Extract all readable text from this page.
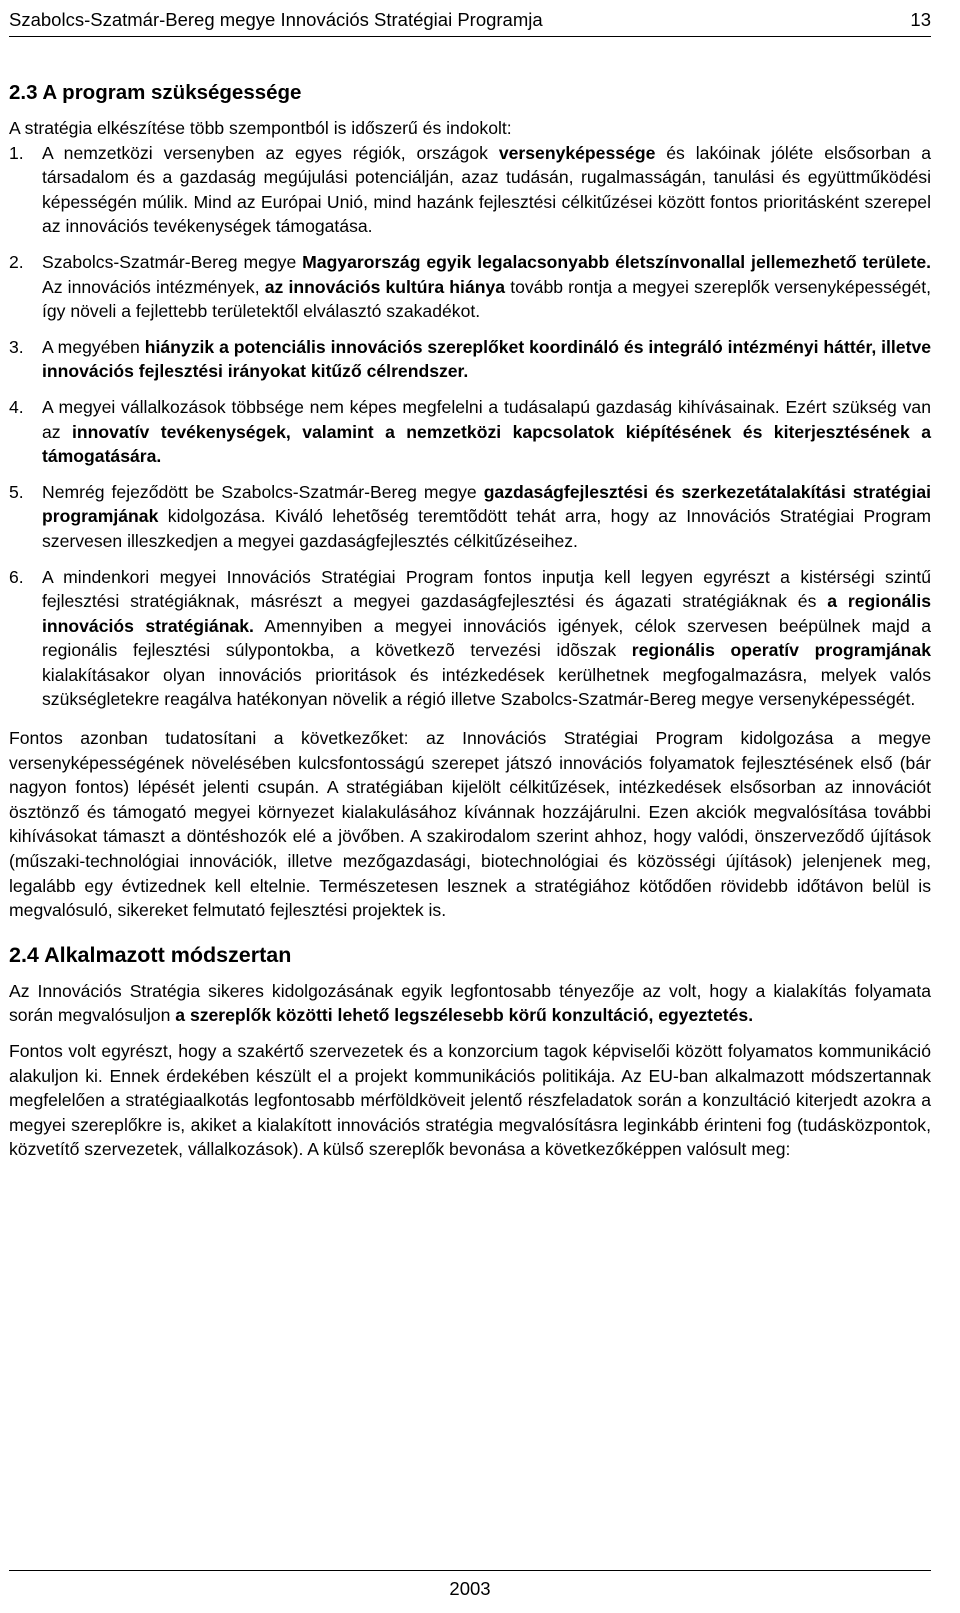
Szabolcs-Szatmár-Bereg megye Innovációs Stratégiai Programja	13
2.3 A program szükségessége

A stratégia elkészítése több szempontból is időszerű és indokolt:

1. A nemzetközi versenyben az egyes régiók, országok versenyképessége és lakóinak jóléte elsősorban a társadalom és a gazdaság megújulási potenciálján, azaz tudásán, rugalmasságán, tanulási és együttműködési képességén múlik. Mind az Európai Unió, mind hazánk fejlesztési célkitűzései között fontos prioritásként szerepel az innovációs tevékenységek támogatása.
2. Szabolcs-Szatmár-Bereg megye Magyarország egyik legalacsonyabb életszínvonallal jellemezhető területe. Az innovációs intézmények, az innovációs kultúra hiánya tovább rontja a megyei szereplők versenyképességét, így növeli a fejlettebb területektől elválasztó szakadékot.
3. A megyében hiányzik a potenciális innovációs szereplőket koordináló és integráló intézményi háttér, illetve innovációs fejlesztési irányokat kitűző célrendszer.
4. A megyei vállalkozások többsége nem képes megfelelni a tudásalapú gazdaság kihívásainak. Ezért szükség van az innovatív tevékenységek, valamint a nemzetközi kapcsolatok kiépítésének és kiterjesztésének a támogatására.
5. Nemrég fejeződött be Szabolcs-Szatmár-Bereg megye gazdaságfejlesztési és szerkezetátalakítási stratégiai programjának kidolgozása. Kiváló lehetõség teremtõdött tehát arra, hogy az Innovációs Stratégiai Program szervesen illeszkedjen a megyei gazdaságfejlesztés célkitűzéseihez.
6. A mindenkori megyei Innovációs Stratégiai Program fontos inputja kell legyen egyrészt a kistérségi szintű fejlesztési stratégiáknak, másrészt a megyei gazdaságfejlesztési és ágazati stratégiáknak és a regionális innovációs stratégiának. Amennyiben a megyei innovációs igények, célok szervesen beépülnek majd a regionális fejlesztési súlypontokba, a következõ tervezési idõszak regionális operatív programjának kialakításakor olyan innovációs prioritások és intézkedések kerülhetnek megfogalmazásra, melyek valós szükségletekre reagálva hatékonyan növelik a régió illetve Szabolcs-Szatmár-Bereg megye versenyképességét.

Fontos azonban tudatosítani a következőket: az Innovációs Stratégiai Program kidolgozása a megye versenyképességének növelésében kulcsfontosságú szerepet játszó innovációs folyamatok fejlesztésének első (bár nagyon fontos) lépését jelenti csupán. A stratégiában kijelölt célkitűzések, intézkedések elsősorban az innovációt ösztönző és támogató megyei környezet kialakulásához kívánnak hozzájárulni. Ezen akciók megvalósítása további kihívásokat támaszt a döntéshozók elé a jövőben. A szakirodalom szerint ahhoz, hogy valódi, önszerveződő újítások (műszaki-technológiai innovációk, illetve mezőgazdasági, biotechnológiai és közösségi újítások) jelenjenek meg, legalább egy évtizednek kell eltelnie. Természetesen lesznek a stratégiához kötődően rövidebb időtávon belül is megvalósuló, sikereket felmutató fejlesztési projektek is.

2.4 Alkalmazott módszertan

Az Innovációs Stratégia sikeres kidolgozásának egyik legfontosabb tényezője az volt, hogy a kialakítás folyamata során megvalósuljon a szereplők közötti lehető legszélesebb körű konzultáció, egyeztetés.

Fontos volt egyrészt, hogy a szakértő szervezetek és a konzorcium tagok képviselői között folyamatos kommunikáció alakuljon ki. Ennek érdekében készült el a projekt kommunikációs politikája. Az EU-ban alkalmazott módszertannak megfelelően a stratégiaalkotás legfontosabb mérföldköveit jelentő részfeladatok során a konzultáció kiterjedt azokra a megyei szereplőkre is, akiket a kialakított innovációs stratégia megvalósításra leginkább érinteni fog (tudásközpontok, közvetítő szervezetek, vállalkozások). A külső szereplők bevonása a következőképpen valósult meg:

2003
